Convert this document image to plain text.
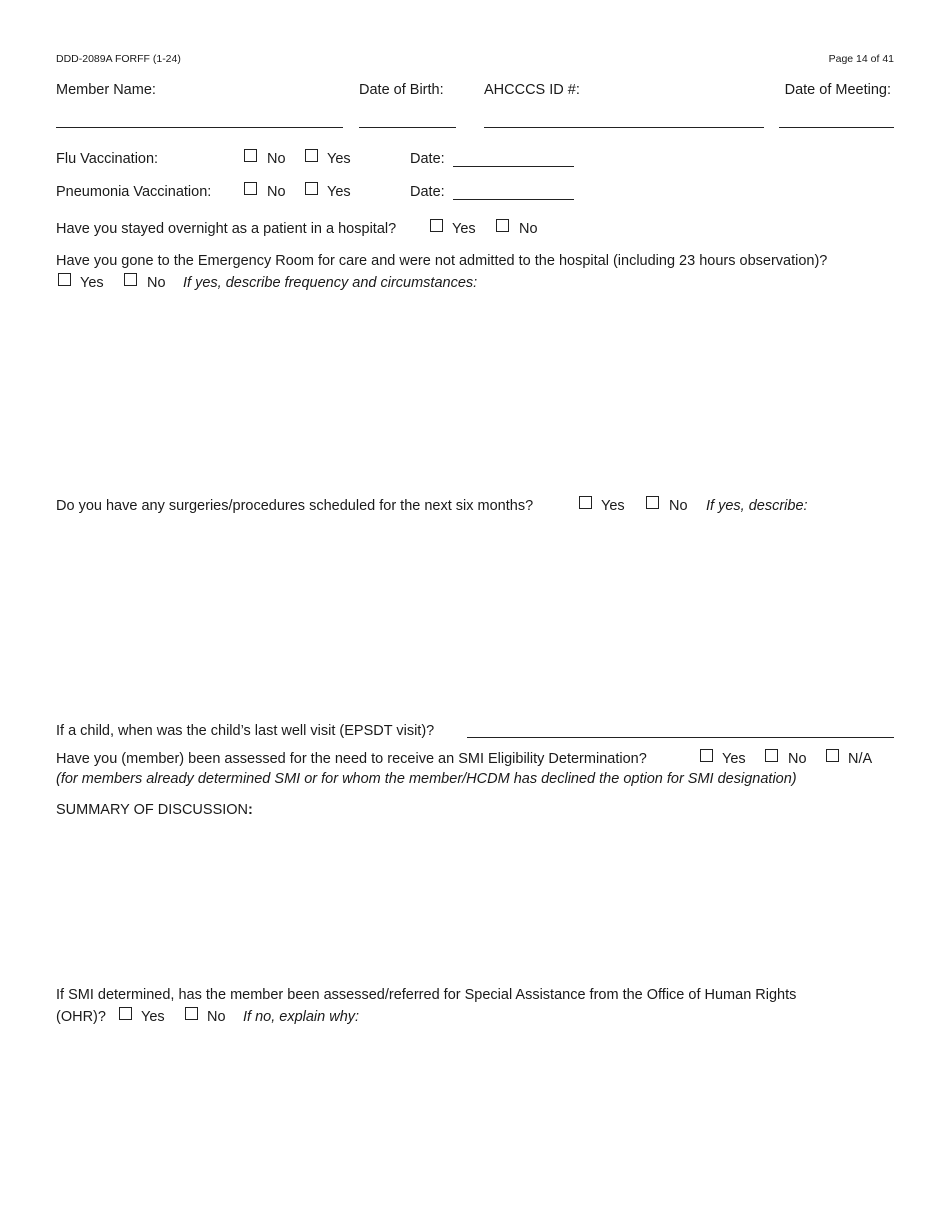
DDD-2089A FORFF (1-24)	Page 14 of 41
Member Name:	Date of Birth:	AHCCCS ID #:	Date of Meeting:
Flu Vaccination:	No	Yes	Date:
Pneumonia Vaccination:	No	Yes	Date:
Have you stayed overnight as a patient in a hospital?	Yes	No
Have you gone to the Emergency Room for care and were not admitted to the hospital (including 23 hours observation)?
Yes	No If yes, describe frequency and circumstances:
Do you have any surgeries/procedures scheduled for the next six months?	Yes	No If yes, describe:
If a child, when was the child’s last well visit (EPSDT visit)?
Have you (member) been assessed for the need to receive an SMI Eligibility Determination?	Yes	No	N/A
(for members already determined SMI or for whom the member/HCDM has declined the option for SMI designation)
SUMMARY OF DISCUSSION:
If SMI determined, has the member been assessed/referred for Special Assistance from the Office of Human Rights
(OHR)? Yes	No If no, explain why:
